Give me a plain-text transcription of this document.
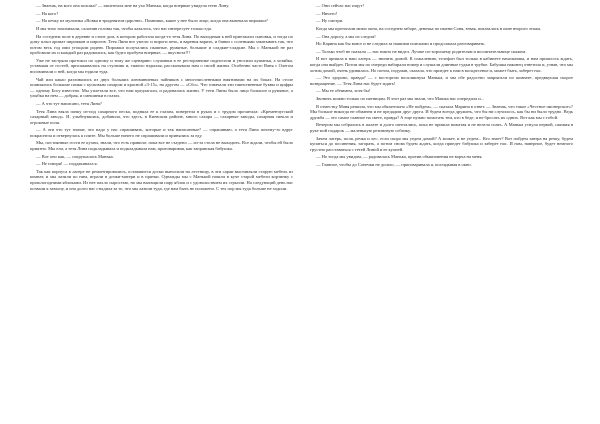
— Знаешь, на кого она похожа? — зашептала мне на ухо Манька, когда впервые увидела тетю Лину.

— На кого?

— На печку из мультика «Вовка в тридевятом царстве». Помнишь, какое у нее было лицо, когда она выпекала пирожки?

И мы тихо захихикали, склонив головы так, чтобы казалось, что нас интересует только еда.

На соседнем поле в деревне и стоит дом, в котором работала когда-то тетя Лина. По выходным к ней приезжали сыновья, и тогда по дому плыл аромат пирожков и пирогов. Тетя Лина все умела: и пироги печь, и варенья варить, и банки с соленьями закатывать так, что потом весь год ими угощали родню. Пирожки получались пышные, румяные, большие и сладкие-сладкие. Мы с Манькой не раз пробовали их и каждый раз радовались, как будто пробуем впервые, — вкуснота!!!

Уже не застряла протокол по одному и тому же сценарию: служанки в ее ресторанчике подносили и уносили кушанья, а хозяйка, уставшая от гостей, присаживалась на стульчик и, тяжело вздыхая, рассказывала нам о своей жизни. Особенно часто Ваня с Олегом вспоминали о ней, когда мы ездили туда.

Чай или какао разливались из двух больших алюминиевых чайников с многочисленными вмятинами на их боках. На столе появлялись большие пачки с кусковым сахаром и красной «3-15», на другом — «Сбо». Что означали эти таинственные буквы и цифры — одному Богу известно. Мы уплетали все, что нам предлагали, и радовались жизни. У тети Лины было лицо большое и румяное, а улыбка на нем — добрая, и смешинки в глазах.

— А что тут написано, тетя Лина?

Тетя Лина взяла пачку из-под сахарного песка, подняла ее к глазам, повертела в руках и с трудом прочитала: «Кременчугский сахарный завод». И, улыбнувшись, добавила, что здесь, в Киевском районе, много сахара — сахарные заводы, сахарная свекла и огромные поля.

— А эти что тут значат, что надо у нас спрашивать, которые и так написанные? — спрашиваю, а тетя Лина почему-то вдруг покраснела и отвернулась к плите. Мы больше ничего не спрашивали и принялись за еду.

Мы, постоянные гости ее кухни, знали, что есть правило: пока все не съедено — из-за стола не выходить. Все ждали, чтобы ей было приятно. Мы ели, а тетя Лина подкладывала и подкладывала нам, приговаривая, как заправская бабушка.

— Вот оно как, — сокрушалась Манька.

— Не говори! — поддакивала я.

Так как корпуса в лагере не ремонтировались, оставшиеся доски выносили на лестницу, в эти сараи выставляли старую мебель из комнат, и мы лазили по ним, играли в дочки-матери и в прятки. Однажды мы с Манькой нашли в куче старой мебели корзинку с прошлогодними яблоками. Из нее пахло сыростью, но мы вытащили пару яблок и с удовольствием их сгрызли. На следующий день нас позвали к завхозу, и она долго нас стыдила за то, что мы лазили туда, где нам быть не положено. С тех пор мы туда больше не ходили.

— Они сейчас нас ищут!

— Ничего!

— Ну смотри.

Когда мы протопали мимо окна, на соседнем заборе, девочка по имени Соня, зевая, показалась в окне второго этажа.

— Она дорогу, а мы из следом!

Но Карина как бы вовсе и не следила за нашими поисками и продолжала разговаривать.

— Только чтоб не сказали — нас никто не видел. Лучше по-хорошему родителям и воспитательнице скажем.

И вот пришла в наш лагерь — звонить домой. К сожалению, телефон был только в кабинете начальника, и нам пришлось ждать, когда она выйдет. Потом мы по очереди набирали номер и слушали длинные гудки в трубке. Бабушка наконец ответила и, узнав, что мы хотим домой, очень удивилась. Но потом, подумав, сказала, что приедет к нам в воскресенье и, может быть, заберет нас.

— Это здорово, правда? — с восторгом воскликнула Манька, и мы обе радостно запрыгали по комнате, предвкушая скорое возвращение. — Тетя Лина нас будет ждать!

— Мы ее обнимем, хотя бы!

Звонить можно только по пятницам. В этот раз мы знали, что Машка нас опередила и...

В отместку Маня решила, что мы обязательно «Не пойдем», — сказала Марина в ответ. — Знаешь, что такое «Честное пионерское»? Мы больше никогда не обманем и не предадим друг друга. И будем всегда дружить, что бы ни случилось, как бы ни было трудно. Ведь дружба — это самое главное на свете, правда? А еще нужно помогать тем, кто в беде, и не бросать их одних. Вот как мы с тобой.

Вечером мы собрались в палате и долго шептались, пока не пришла вожатая и не велела спать. А Манька уснула первой, сжимая в руке мой подарок — маленькую резиновую собачку.

Зачем лагерь, поля, речка и лес, если скоро мы уедем домой? А может, и не уедем... Кто знает? Вот пойдем завтра на речку, будем купаться до посинения, загорать, а потом снова будем ждать, когда приедет бабушка и заберет нас. И нам, наверное, будет немного грустно расставаться с тетей Линой и ее кухней.

— Но тогда мы увидим, — радовалась Манька, против обыкновения не ворча на меня.

— Главное, чтобы до Сонечки не дошло, — приговаривала я, поглядывая в окно.
